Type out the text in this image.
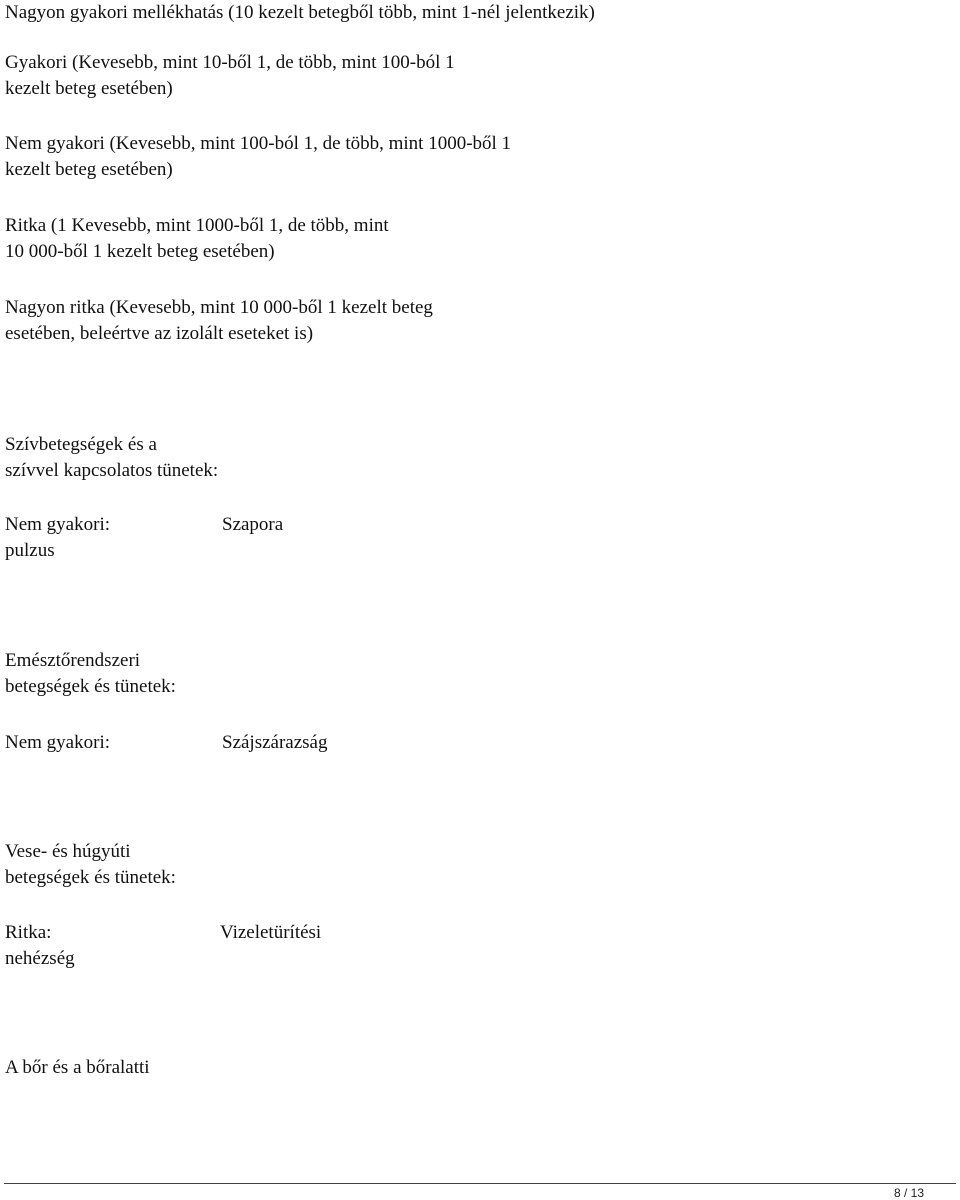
Nagyon gyakori mellékhatás (10 kezelt betegből több, mint 1-nél jelentkezik)
Gyakori (Kevesebb, mint 10-ből 1, de több, mint 100-ból 1
kezelt beteg esetében)
Nem gyakori (Kevesebb, mint 100-ból 1, de több, mint 1000-ből 1
kezelt beteg esetében)
Ritka (1 Kevesebb, mint 1000-ből 1, de több, mint
10 000-ből 1 kezelt beteg esetében)
Nagyon ritka (Kevesebb, mint 10 000-ből 1 kezelt beteg
esetében, beleértve az izolált eseteket is)
Szívbetegségek és a
szívvel kapcsolatos tünetek:
Nem gyakori:
pulzus
Szapora
Emésztőrendszeri
betegségek és tünetek:
Nem gyakori:	Szájszárazság
Vese- és húgyúti
betegségek és tünetek:
Ritka:
nehézség
Vizeletürítési
A bőr és a bőralatti
8 / 13
